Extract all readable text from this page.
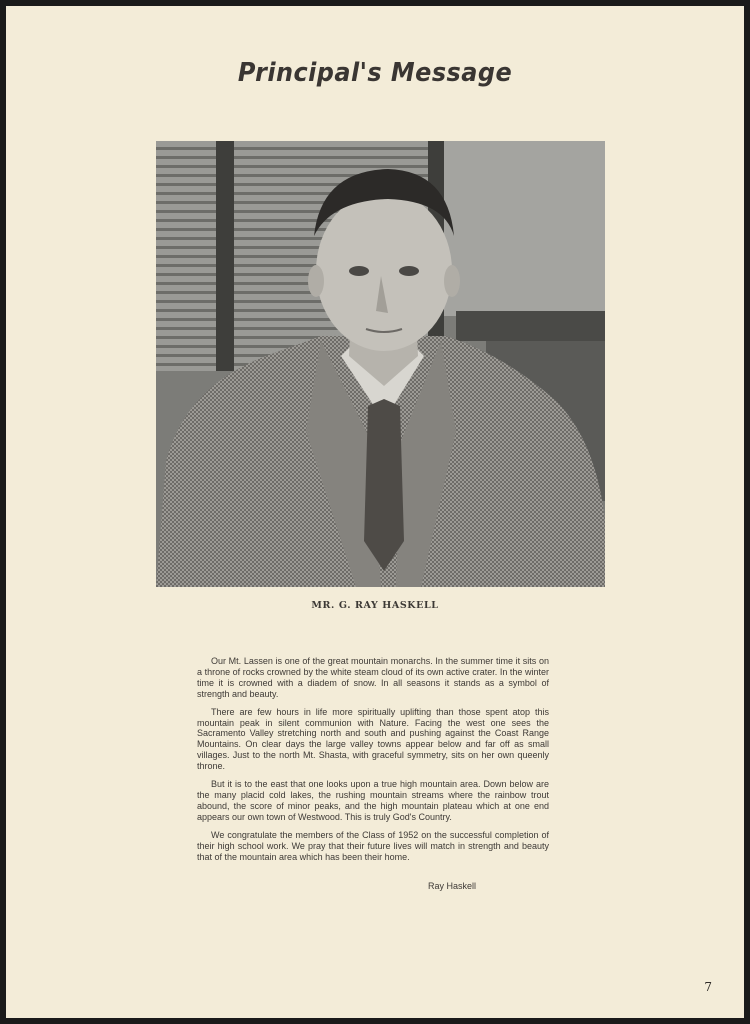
Principal's Message
MR. G. RAY HASKELL

Our Mt. Lassen is one of the great mountain monarchs. In the summer time it sits on a throne of rocks crowned by the white steam cloud of its own active crater. In the winter time it is crowned with a diadem of snow. In all seasons it stands as a symbol of strength and beauty.

There are few hours in life more spiritually uplifting than those spent atop this mountain peak in silent communion with Nature. Facing the west one sees the Sacramento Valley stretching north and south and pushing against the Coast Range Mountains. On clear days the large valley towns appear below and far off as small villages. Just to the north Mt. Shasta, with graceful symmetry, sits on her own queenly throne.

But it is to the east that one looks upon a true high mountain area. Down below are the many placid cold lakes, the rushing mountain streams where the rainbow trout abound, the score of minor peaks, and the high mountain plateau which at one end appears our own town of Westwood. This is truly God's Country.

We congratulate the members of the Class of 1952 on the successful completion of their high school work. We pray that their future lives will match in strength and beauty that of the mountain area which has been their home.

Ray Haskell
7
